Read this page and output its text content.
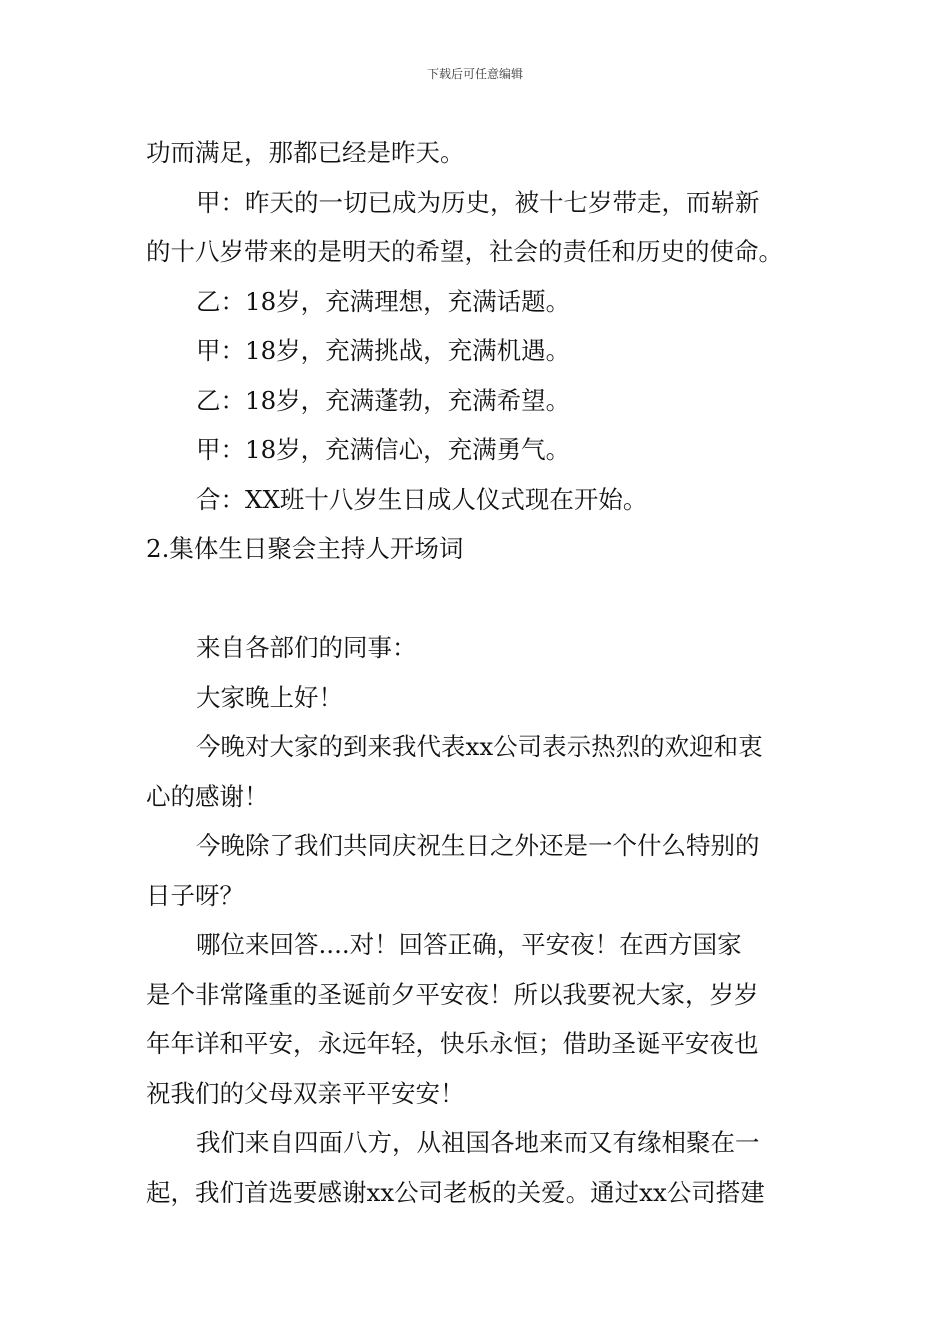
下载后可任意编辑
功而满足，那都已经是昨天。
甲：昨天的一切已成为历史，被十七岁带走，而崭新
的十八岁带来的是明天的希望，社会的责任和历史的使命。
乙：18岁，充满理想，充满话题。
甲：18岁，充满挑战，充满机遇。
乙：18岁，充满蓬勃，充满希望。
甲：18岁，充满信心，充满勇气。
合：XX班十八岁生日成人仪式现在开始。
2.集体生日聚会主持人开场词
来自各部们的同事：
大家晚上好！
今晚对大家的到来我代表xx公司表示热烈的欢迎和衷
心的感谢！
今晚除了我们共同庆祝生日之外还是一个什么特别的
日子呀？
哪位来回答....对！回答正确，平安夜！在西方国家
是个非常隆重的圣诞前夕平安夜！所以我要祝大家，岁岁
年年详和平安，永远年轻，快乐永恒；借助圣诞平安夜也
祝我们的父母双亲平平安安！
我们来自四面八方，从祖国各地来而又有缘相聚在一
起，我们首选要感谢xx公司老板的关爱。通过xx公司搭建
